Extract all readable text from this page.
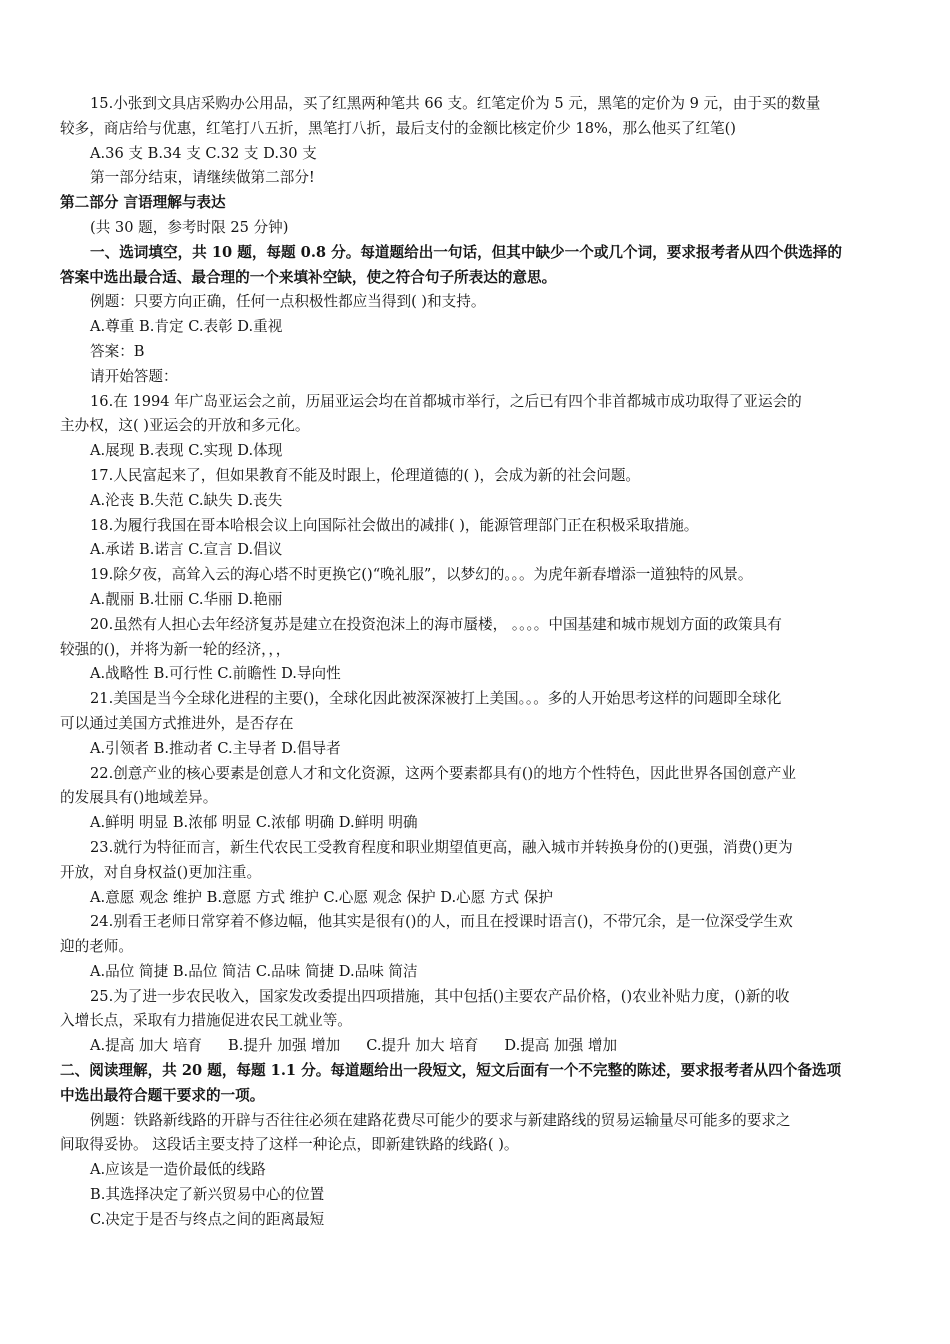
15.小张到文具店采购办公用品，买了红黑两种笔共 66 支。红笔定价为 5 元，黑笔的定价为 9 元，由于买的数量
较多，商店给与优惠，红笔打八五折，黑笔打八折，最后支付的金额比核定价少 18%，那么他买了红笔()
A.36 支 B.34 支 C.32 支 D.30 支
第一部分结束，请继续做第二部分!
第二部分 言语理解与表达
(共 30 题，参考时限 25 分钟)
一、选词填空，共 10 题，每题 0.8 分。每道题给出一句话，但其中缺少一个或几个词，要求报考者从四个供选择的
答案中选出最合适、最合理的一个来填补空缺，使之符合句子所表达的意思。
例题：只要方向正确，任何一点积极性都应当得到( )和支持。
A.尊重 B.肯定 C.表彰 D.重视
答案：B
请开始答题：
16.在 1994 年广岛亚运会之前，历届亚运会均在首都城市举行，之后已有四个非首都城市成功取得了亚运会的
主办权，这( )亚运会的开放和多元化。
A.展现 B.表现 C.实现 D.体现
17.人民富起来了，但如果教育不能及时跟上，伦理道德的( )，会成为新的社会问题。
A.沦丧 B.失范 C.缺失 D.丧失
18.为履行我国在哥本哈根会议上向国际社会做出的减排( )，能源管理部门正在积极采取措施。
A.承诺 B.诺言 C.宣言 D.倡议
19.除夕夜，高耸入云的海心塔不时更换它()“晚礼服”，以梦幻的。。。为虎年新春增添一道独特的风景。
A.靓丽 B.壮丽 C.华丽 D.艳丽
20.虽然有人担心去年经济复苏是建立在投资泡沫上的海市蜃楼， 。。。。中国基建和城市规划方面的政策具有
较强的()，并将为新一轮的经济，，，
A.战略性 B.可行性 C.前瞻性 D.导向性
21.美国是当今全球化进程的主要()，全球化因此被深深被打上美国。。。多的人开始思考这样的问题即全球化
可以通过美国方式推进外，是否存在
A.引领者 B.推动者 C.主导者 D.倡导者
22.创意产业的核心要素是创意人才和文化资源，这两个要素都具有()的地方个性特色，因此世界各国创意产业
的发展具有()地域差异。
A.鲜明 明显 B.浓郁 明显 C.浓郁 明确 D.鲜明 明确
23.就行为特征而言，新生代农民工受教育程度和职业期望值更高，融入城市并转换身份的()更强，消费()更为
开放，对自身权益()更加注重。
A.意愿 观念 维护 B.意愿 方式 维护 C.心愿 观念 保护 D.心愿 方式 保护
24.别看王老师日常穿着不修边幅，他其实是很有()的人，而且在授课时语言()，不带冗余，是一位深受学生欢
迎的老师。
A.品位 简捷 B.品位 简洁 C.品味 简捷 D.品味 简洁
25.为了进一步农民收入，国家发改委提出四项措施，其中包括()主要农产品价格，()农业补贴力度，()新的收
入增长点，采取有力措施促进农民工就业等。
A.提高 加大 培育 B.提升 加强 增加 C.提升 加大 培育 D.提高 加强 增加
二、阅读理解，共 20 题，每题 1.1 分。每道题给出一段短文，短文后面有一个不完整的陈述，要求报考者从四个备选项
中选出最符合题干要求的一项。
例题：铁路新线路的开辟与否往往必须在建路花费尽可能少的要求与新建路线的贸易运输量尽可能多的要求之
间取得妥协。 这段话主要支持了这样一种论点，即新建铁路的线路( )。
A.应该是一造价最低的线路
B.其选择决定了新兴贸易中心的位置
C.决定于是否与终点之间的距离最短
